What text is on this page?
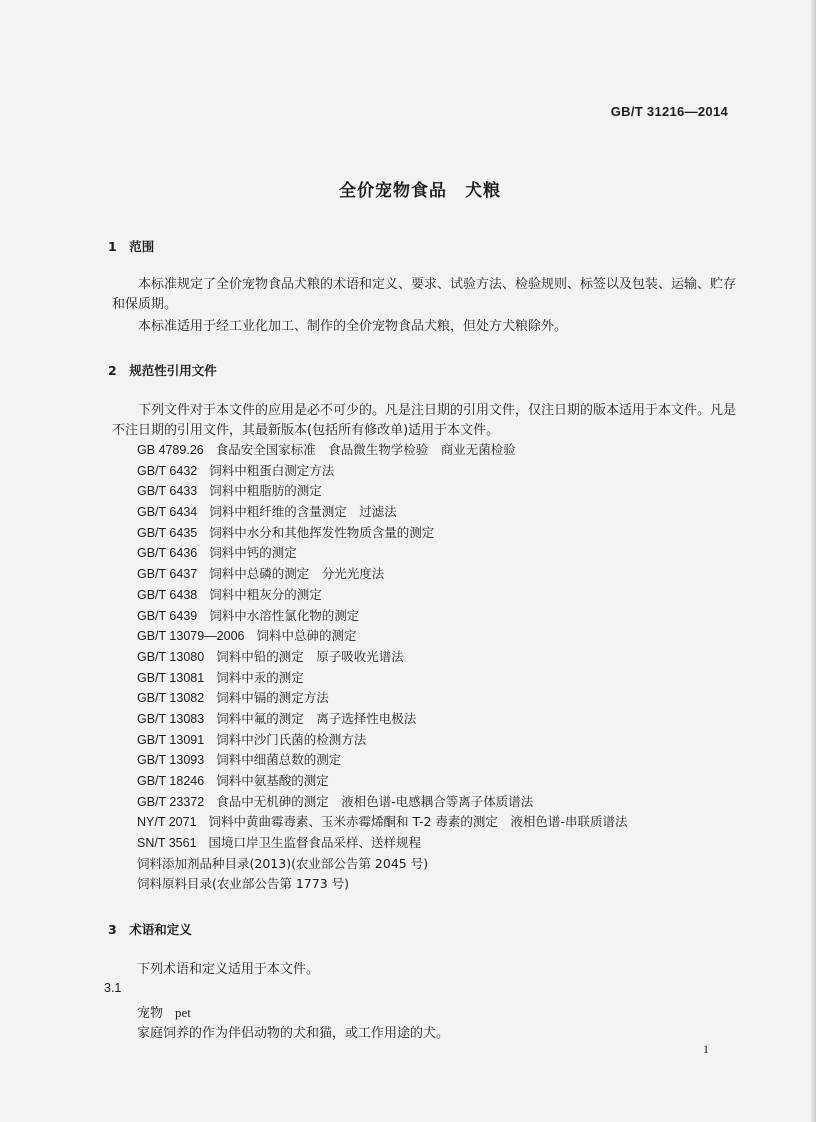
GB/T 31216—2014
全价宠物食品　犬粮
1　范围
本标准规定了全价宠物食品犬粮的术语和定义、要求、试验方法、检验规则、标签以及包装、运输、贮存和保质期。
本标准适用于经工业化加工、制作的全价宠物食品犬粮，但处方犬粮除外。
2　规范性引用文件
下列文件对于本文件的应用是必不可少的。凡是注日期的引用文件，仅注日期的版本适用于本文件。凡是不注日期的引用文件，其最新版本(包括所有修改单)适用于本文件。
GB 4789.26 食品安全国家标准　食品微生物学检验　商业无菌检验
GB/T 6432 饲料中粗蛋白测定方法
GB/T 6433 饲料中粗脂肪的测定
GB/T 6434 饲料中粗纤维的含量测定　过滤法
GB/T 6435 饲料中水分和其他挥发性物质含量的测定
GB/T 6436 饲料中钙的测定
GB/T 6437 饲料中总磷的测定　分光光度法
GB/T 6438 饲料中粗灰分的测定
GB/T 6439 饲料中水溶性氯化物的测定
GB/T 13079—2006 饲料中总砷的测定
GB/T 13080 饲料中铅的测定　原子吸收光谱法
GB/T 13081 饲料中汞的测定
GB/T 13082 饲料中镉的测定方法
GB/T 13083 饲料中氟的测定　离子选择性电极法
GB/T 13091 饲料中沙门氏菌的检测方法
GB/T 13093 饲料中细菌总数的测定
GB/T 18246 饲料中氨基酸的测定
GB/T 23372 食品中无机砷的测定　液相色谱-电感耦合等离子体质谱法
NY/T 2071 饲料中黄曲霉毒素、玉米赤霉烯酮和 T-2 毒素的测定　液相色谱-串联质谱法
SN/T 3561 国境口岸卫生监督食品采样、送样规程
饲料添加剂品种目录(2013)(农业部公告第 2045 号)
饲料原料目录(农业部公告第 1773 号)
3　术语和定义
下列术语和定义适用于本文件。
3.1
宠物 pet
家庭饲养的作为伴侣动物的犬和猫，或工作用途的犬。
1
